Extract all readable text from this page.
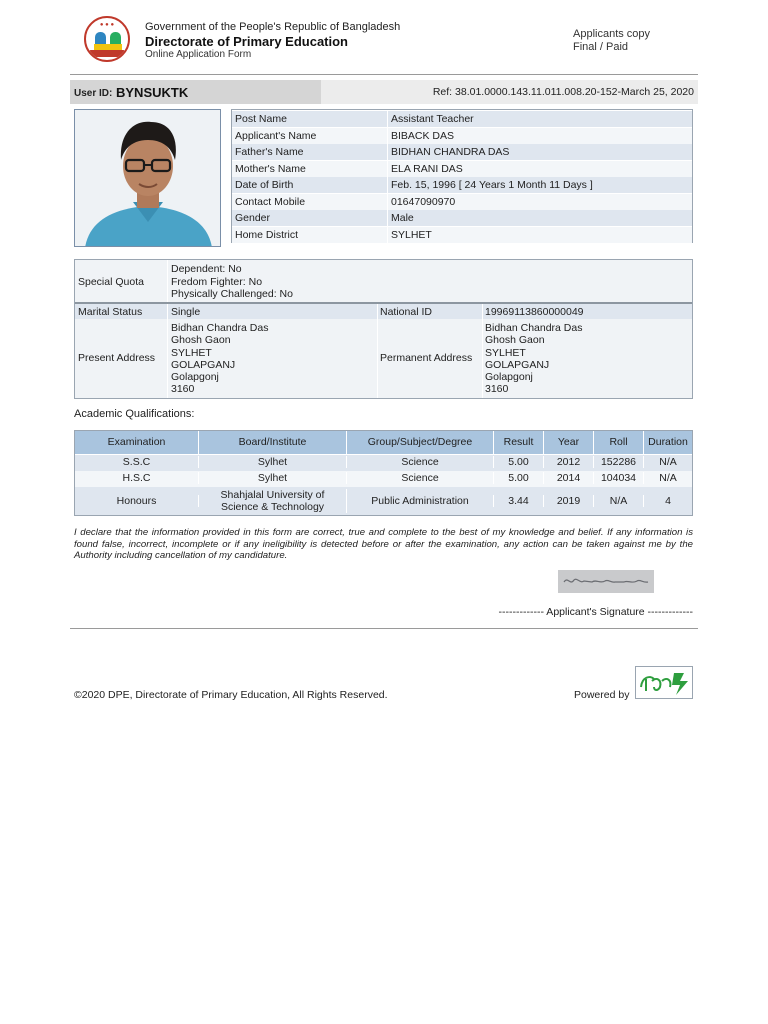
● ● ●	Government of the People's Republic of Bangladesh
Directorate of Primary Education
Online Application Form
Applicants copy
Final / Paid
User ID: BYNSUKTK	Ref: 38.01.0000.143.11.011.008.20-152-March 25, 2020
Post Name	Assistant Teacher
Applicant's Name	BIBACK DAS
Father's Name	BIDHAN CHANDRA DAS
Mother's Name	ELA RANI DAS
Date of Birth	Feb. 15, 1996 [ 24 Years 1 Month 11 Days ]
Contact Mobile	01647090970
Gender	Male
Home District	SYLHET
Special Quota
Dependent: No
Fredom Fighter: No
Physically Challenged: No
Marital Status	Single	National ID	19969113860000049
Present Address
Bidhan Chandra Das
Ghosh Gaon
SYLHET
GOLAPGANJ
Golapgonj
3160
Permanent Address
Bidhan Chandra Das
Ghosh Gaon
SYLHET
GOLAPGANJ
Golapgonj
3160
Academic Qualifications:
Examination	Board/Institute	Group/Subject/Degree	Result	Year	Roll	Duration
S.S.C	Sylhet	Science	5.00	2012	152286	N/A
H.S.C	Sylhet	Science	5.00	2014	104034	N/A
Honours	Shahjalal University of
Science & Technology	Public Administration	3.44	2019	N/A	4
I declare that the information provided in this form are correct, true and complete to the best of my knowledge and belief. If any information is found false, incorrect, incomplete or if any ineligibility is detected before or after the examination, any action can be taken against me by the Authority including cancellation of my candidature.
------------- Applicant's Signature -------------
©2020 DPE, Directorate of Primary Education, All Rights Reserved.	Powered by
